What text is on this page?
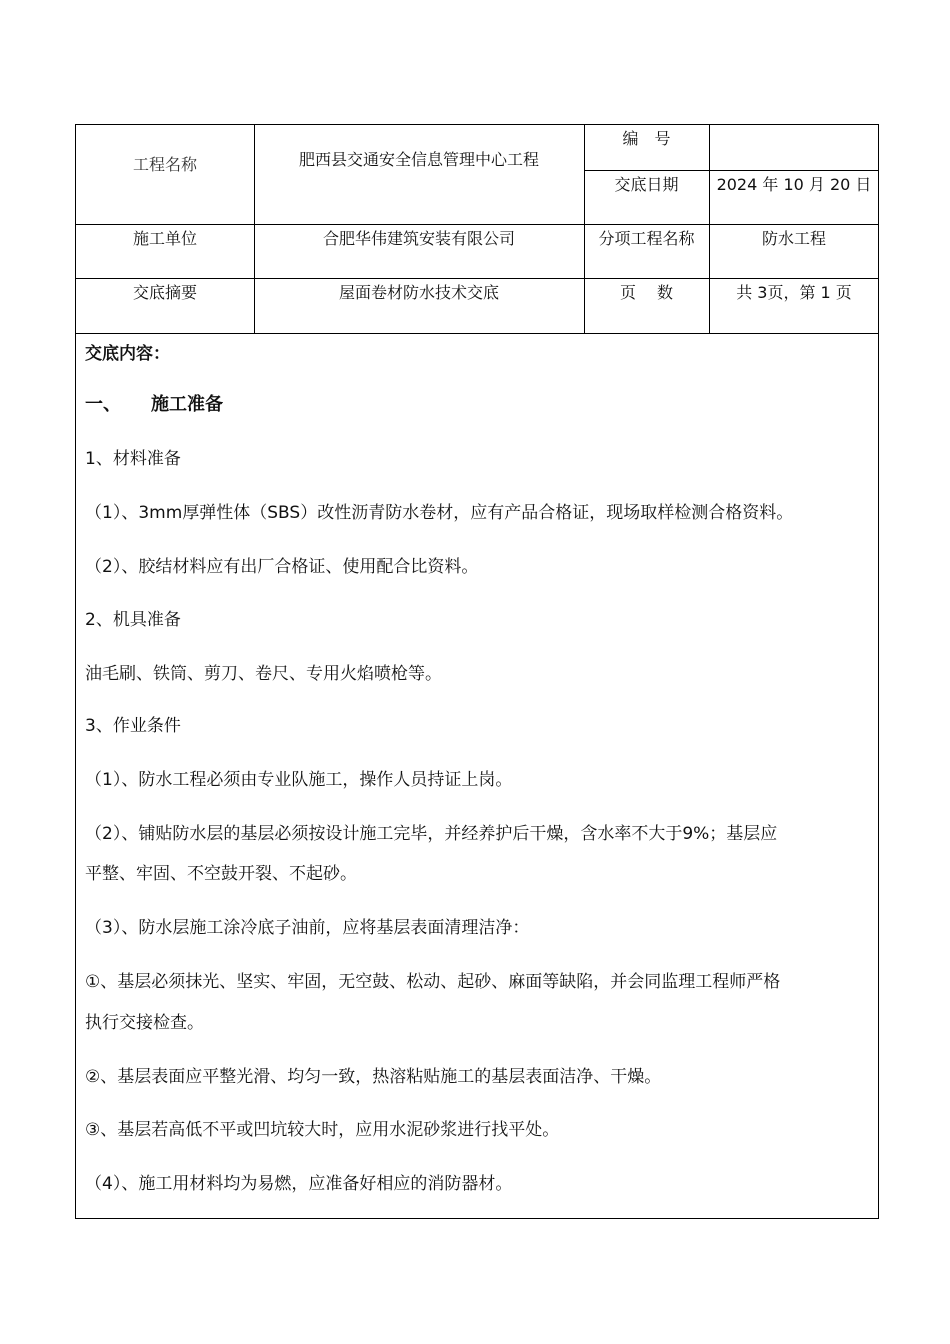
工程名称	肥西县交通安全信息管理中心工程
编　号
交底日期	2024 年 10 月 20 日
施工单位	合肥华伟建筑安装有限公司	分项工程名称	防水工程
交底摘要	屋面卷材防水技术交底	页　 数	共 3页，第 1 页
交底内容：
一、 施工准备
1、材料准备
（1）、3mm厚弹性体（SBS）改性沥青防水卷材，应有产品合格证，现场取样检测合格资料。
（2）、胶结材料应有出厂合格证、使用配合比资料。
2、机具准备
油毛刷、铁筒、剪刀、卷尺、专用火焰喷枪等。
3、作业条件
（1）、防水工程必须由专业队施工，操作人员持证上岗。
（2）、铺贴防水层的基层必须按设计施工完毕，并经养护后干燥，含水率不大于9%；基层应
平整、牢固、不空鼓开裂、不起砂。
（3）、防水层施工涂冷底子油前，应将基层表面清理洁净：
①、基层必须抹光、坚实、牢固，无空鼓、松动、起砂、麻面等缺陷，并会同监理工程师严格
执行交接检查。
②、基层表面应平整光滑、均匀一致，热溶粘贴施工的基层表面洁净、干燥。
③、基层若高低不平或凹坑较大时，应用水泥砂浆进行找平处。
（4）、施工用材料均为易燃，应准备好相应的消防器材。
